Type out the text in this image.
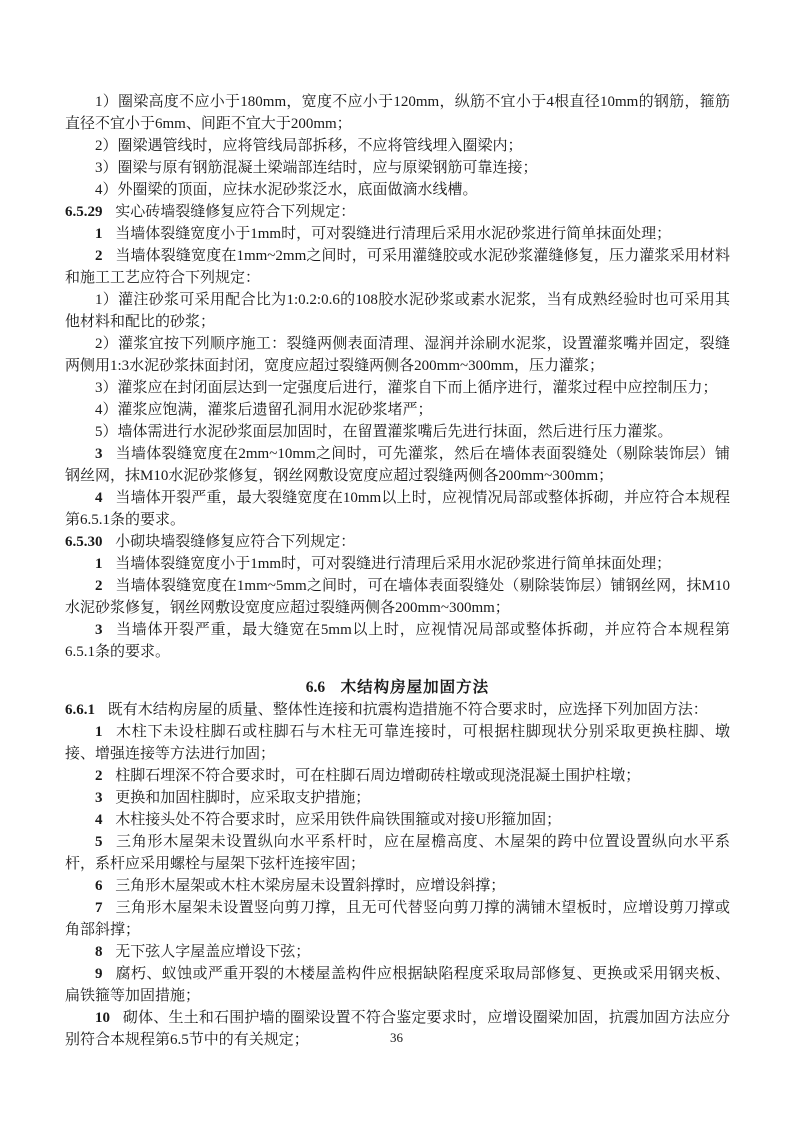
1）圈梁高度不应小于180mm，宽度不应小于120mm，纵筋不宜小于4根直径10mm的钢筋，箍筋直径不宜小于6mm、间距不宜大于200mm；

2）圈梁遇管线时，应将管线局部拆移，不应将管线埋入圈梁内；

3）圈梁与原有钢筋混凝土梁端部连结时，应与原梁钢筋可靠连接；

4）外圈梁的顶面，应抹水泥砂浆泛水，底面做滴水线槽。

6.5.29 实心砖墙裂缝修复应符合下列规定：

1 当墙体裂缝宽度小于1mm时，可对裂缝进行清理后采用水泥砂浆进行简单抹面处理；

2 当墙体裂缝宽度在1mm~2mm之间时，可采用灌缝胶或水泥砂浆灌缝修复，压力灌浆采用材料和施工工艺应符合下列规定：

1）灌注砂浆可采用配合比为1:0.2:0.6的108胶水泥砂浆或素水泥浆，当有成熟经验时也可采用其他材料和配比的砂浆；

2）灌浆宜按下列顺序施工：裂缝两侧表面清理、湿润并涂刷水泥浆，设置灌浆嘴并固定，裂缝两侧用1:3水泥砂浆抹面封闭，宽度应超过裂缝两侧各200mm~300mm，压力灌浆；

3）灌浆应在封闭面层达到一定强度后进行，灌浆自下而上循序进行，灌浆过程中应控制压力；

4）灌浆应饱满，灌浆后遗留孔洞用水泥砂浆堵严；

5）墙体需进行水泥砂浆面层加固时，在留置灌浆嘴后先进行抹面，然后进行压力灌浆。

3 当墙体裂缝宽度在2mm~10mm之间时，可先灌浆，然后在墙体表面裂缝处（剔除装饰层）铺钢丝网，抹M10水泥砂浆修复，钢丝网敷设宽度应超过裂缝两侧各200mm~300mm；

4 当墙体开裂严重，最大裂缝宽度在10mm以上时，应视情况局部或整体拆砌，并应符合本规程第6.5.1条的要求。

6.5.30 小砌块墙裂缝修复应符合下列规定：

1 当墙体裂缝宽度小于1mm时，可对裂缝进行清理后采用水泥砂浆进行简单抹面处理；

2 当墙体裂缝宽度在1mm~5mm之间时，可在墙体表面裂缝处（剔除装饰层）铺钢丝网，抹M10水泥砂浆修复，钢丝网敷设宽度应超过裂缝两侧各200mm~300mm；

3 当墙体开裂严重，最大缝宽在5mm以上时，应视情况局部或整体拆砌，并应符合本规程第6.5.1条的要求。

6.6 木结构房屋加固方法

6.6.1 既有木结构房屋的质量、整体性连接和抗震构造措施不符合要求时，应选择下列加固方法：

1 木柱下未设柱脚石或柱脚石与木柱无可靠连接时，可根据柱脚现状分别采取更换柱脚、墩接、增强连接等方法进行加固；

2 柱脚石埋深不符合要求时，可在柱脚石周边增砌砖柱墩或现浇混凝土围护柱墩；

3 更换和加固柱脚时，应采取支护措施；

4 木柱接头处不符合要求时，应采用铁件扁铁围箍或对接U形箍加固；

5 三角形木屋架未设置纵向水平系杆时，应在屋檐高度、木屋架的跨中位置设置纵向水平系杆，系杆应采用螺栓与屋架下弦杆连接牢固；

6 三角形木屋架或木柱木梁房屋未设置斜撑时，应增设斜撑；

7 三角形木屋架未设置竖向剪刀撑，且无可代替竖向剪刀撑的满铺木望板时，应增设剪刀撑或角部斜撑；

8 无下弦人字屋盖应增设下弦；

9 腐朽、蚁蚀或严重开裂的木楼屋盖构件应根据缺陷程度采取局部修复、更换或采用钢夹板、扁铁箍等加固措施；

10 砌体、生土和石围护墙的圈梁设置不符合鉴定要求时，应增设圈梁加固，抗震加固方法应分别符合本规程第6.5节中的有关规定；	36
